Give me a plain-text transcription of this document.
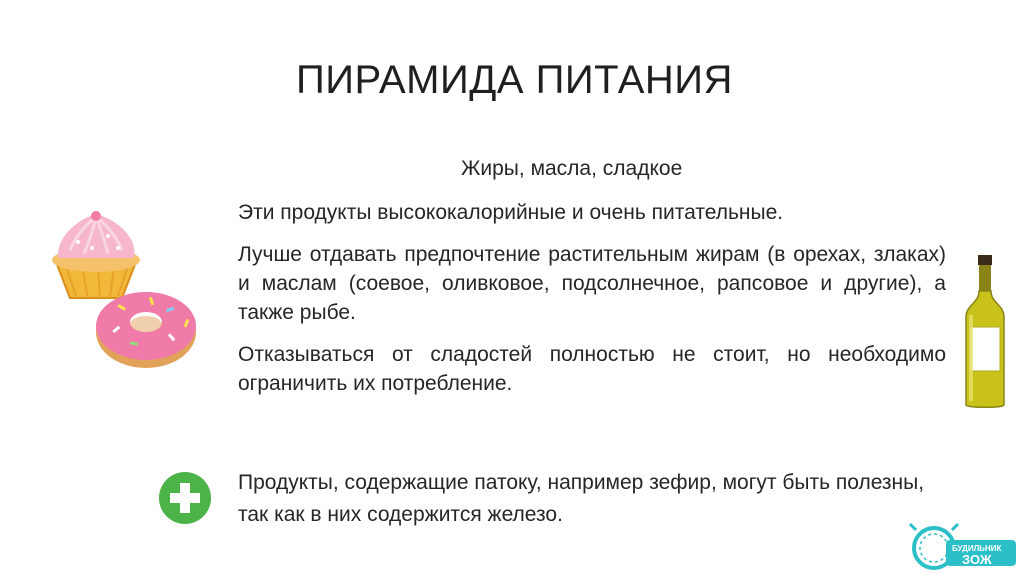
ПИРАМИДА ПИТАНИЯ
Жиры, масла, сладкое
Эти продукты высококалорийные и очень питательные.
Лучше отдавать предпочтение растительным жирам (в орехах, злаках) и маслам (соевое, оливковое, подсолнечное, рапсовое и другие), а также рыбе.
Отказываться от сладостей полностью не стоит, но необходимо ограничить их потребление.
Продукты, содержащие патоку, например зефир, могут быть полезны, так как в них содержится железо.
БУДИЛЬНИК
ЗОЖ
